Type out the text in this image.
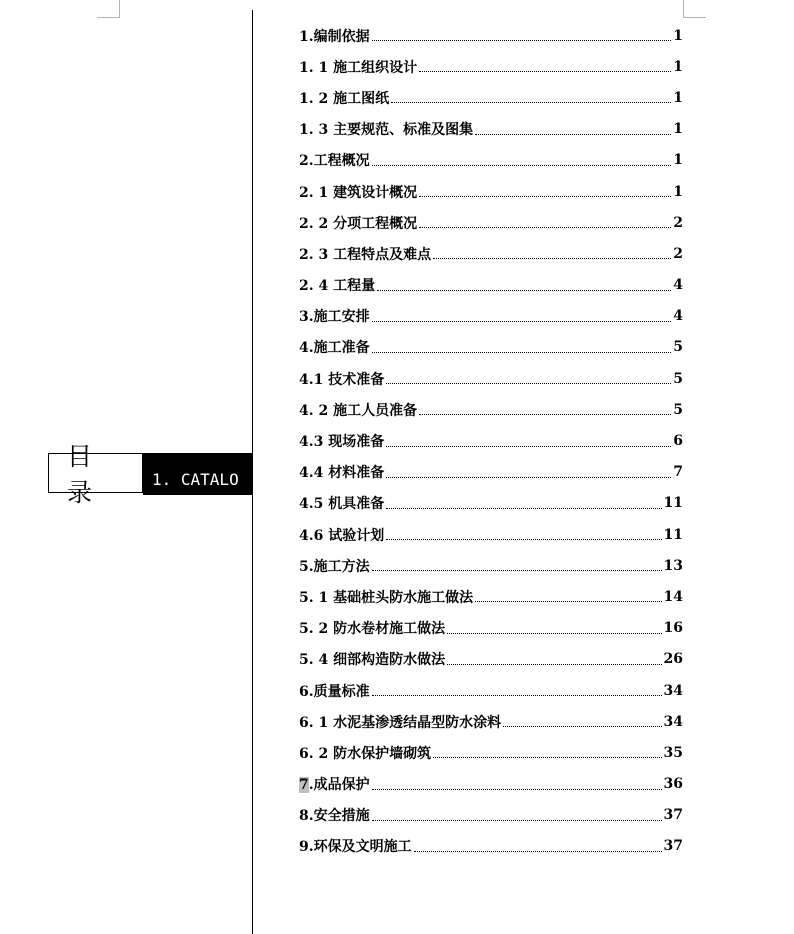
目 录	1. CATALO
1.编制依据	1
1. 1 施工组织设计	1
1. 2 施工图纸	1
1. 3 主要规范、标准及图集	1
2.工程概况	1
2. 1 建筑设计概况	1
2. 2 分项工程概况	2
2. 3 工程特点及难点	2
2. 4 工程量	4
3.施工安排	4
4.施工准备	5
4.1 技术准备	5
4. 2 施工人员准备	5
4.3 现场准备	6
4.4 材料准备	7
4.5 机具准备	11
4.6 试验计划	11
5.施工方法	13
5. 1 基础桩头防水施工做法	14
5. 2 防水卷材施工做法	16
5. 4 细部构造防水做法	26
6.质量标准	34
6. 1 水泥基渗透结晶型防水涂料	34
6. 2 防水保护墙砌筑	35
7.成品保护	36
8.安全措施	37
9.环保及文明施工	37
